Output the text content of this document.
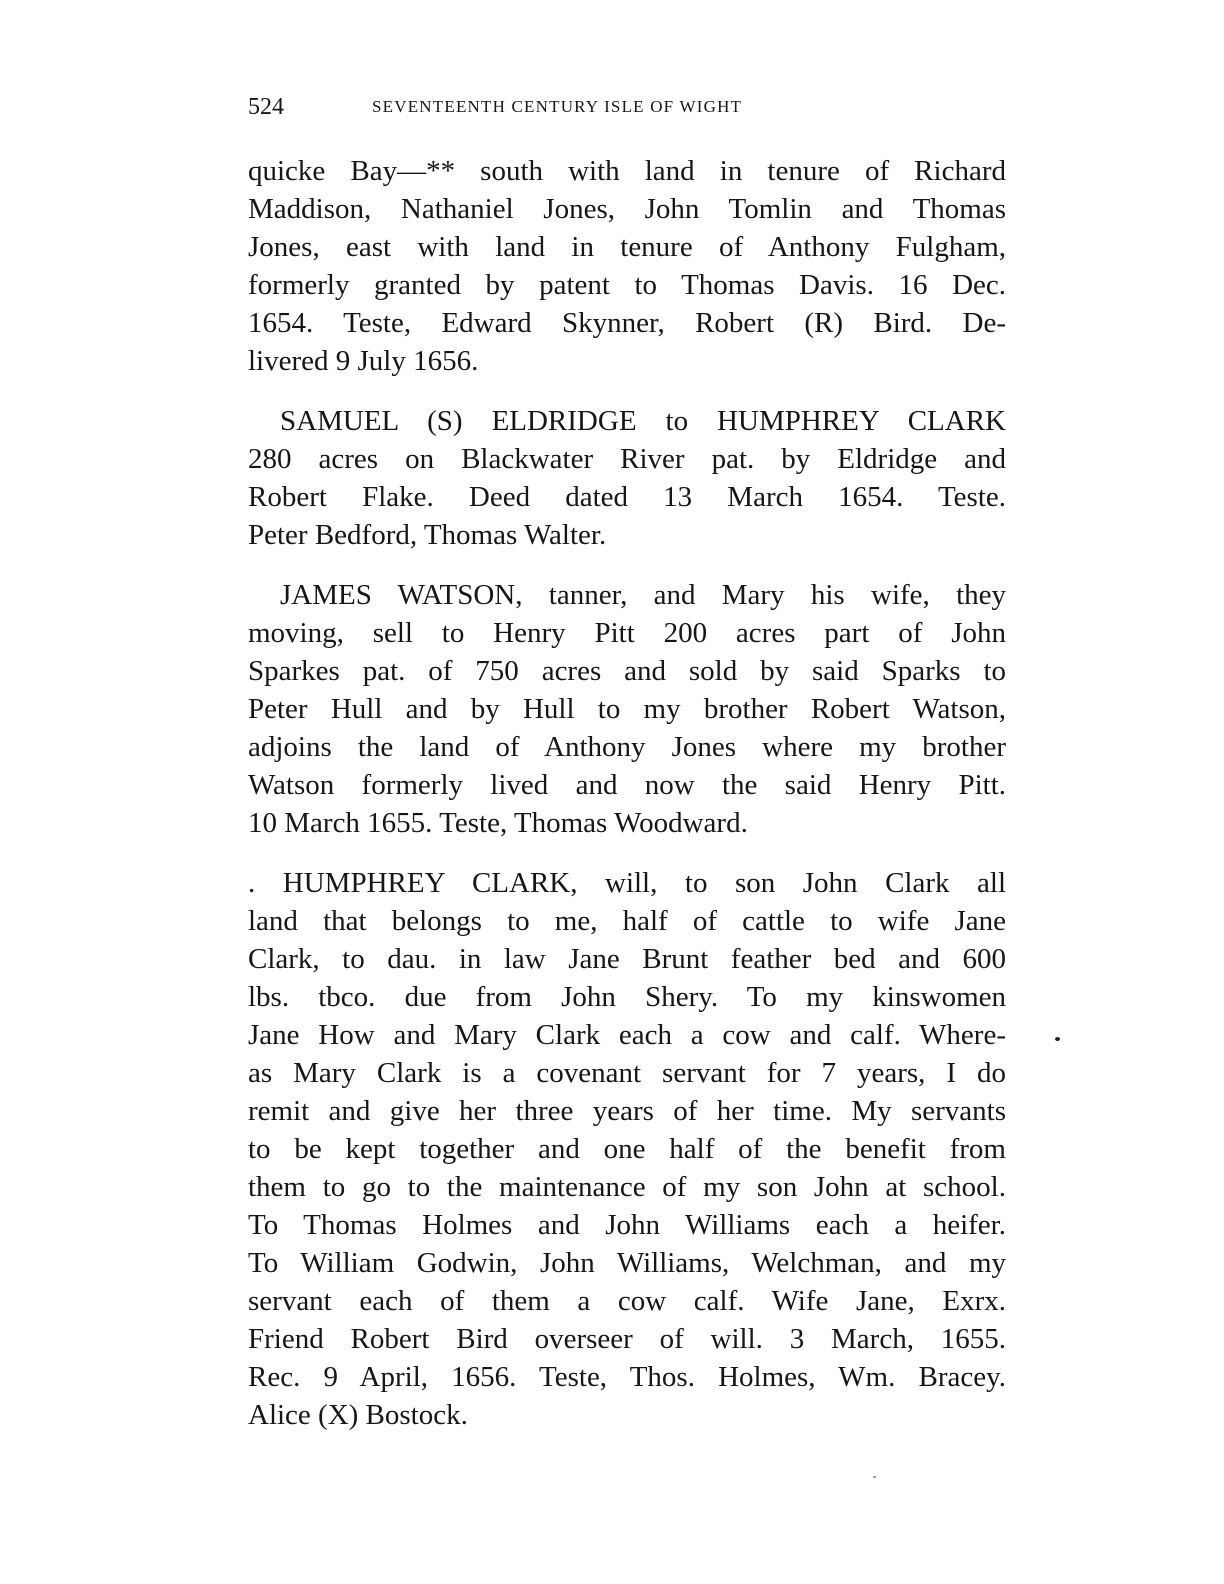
524	SEVENTEENTH CENTURY ISLE OF WIGHT

quicke Bay—** south with land in tenure of Richard
Maddison, Nathaniel Jones, John Tomlin and Thomas
Jones, east with land in tenure of Anthony Fulgham,
formerly granted by patent to Thomas Davis. 16 Dec.
1654. Teste, Edward Skynner, Robert (R) Bird. De-
livered 9 July 1656.

SAMUEL (S) ELDRIDGE to HUMPHREY CLARK
280 acres on Blackwater River pat. by Eldridge and
Robert Flake. Deed dated 13 March 1654. Teste.
Peter Bedford, Thomas Walter.

JAMES WATSON, tanner, and Mary his wife, they
moving, sell to Henry Pitt 200 acres part of John
Sparkes pat. of 750 acres and sold by said Sparks to
Peter Hull and by Hull to my brother Robert Watson,
adjoins the land of Anthony Jones where my brother
Watson formerly lived and now the said Henry Pitt.
10 March 1655. Teste, Thomas Woodward.

. HUMPHREY CLARK, will, to son John Clark all
land that belongs to me, half of cattle to wife Jane
Clark, to dau. in law Jane Brunt feather bed and 600
lbs. tbco. due from John Shery. To my kinswomen
Jane How and Mary Clark each a cow and calf. Where-
as Mary Clark is a covenant servant for 7 years, I do
remit and give her three years of her time. My servants
to be kept together and one half of the benefit from
them to go to the maintenance of my son John at school.
To Thomas Holmes and John Williams each a heifer.
To William Godwin, John Williams, Welchman, and my
servant each of them a cow calf. Wife Jane, Exrx.
Friend Robert Bird overseer of will. 3 March, 1655.
Rec. 9 April, 1656. Teste, Thos. Holmes, Wm. Bracey.
Alice (X) Bostock.
